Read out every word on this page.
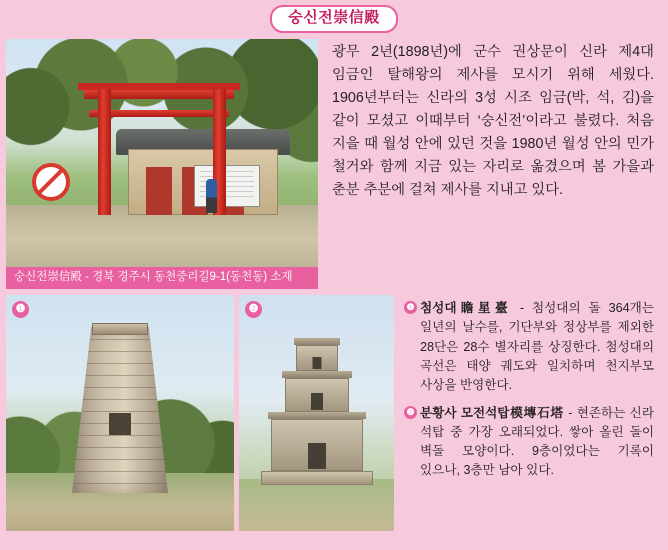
숭신전崇信殿
숭신전崇信殿 - 경북 경주시 동천중리길9-1(동천동) 소재
광무 2년(1898년)에 군수 권상문이 신라 제4대 임금인 탈해왕의 제사를 모시기 위해 세웠다. 1906년부터는 신라의 3성 시조 임금(박, 석, 김)을 같이 모셨고 이때부터 ‘숭신전’이라고 불렸다. 처음 지을 때 월성 안에 있던 것을 1980년 월성 안의 민가 철거와 함께 지금 있는 자리로 옮겼으며 봄 가을과 춘분 추분에 걸쳐 제사를 지내고 있다.
❶	❷	❶ 첨성대瞻星臺 - 첨성대의 돌 364개는 일년의 날수를, 기단부와 정상부를 제외한 28단은 28수 별자리를 상징한다. 첨성대의 곡선은 태양 궤도와 일치하며 천지부모 사상을 반영한다.
❷ 분황사 모전석탑模塼石塔 - 현존하는 신라 석탑 중 가장 오래되었다. 쌓아 올린 돌이 벽돌 모양이다. 9층이었다는 기록이 있으나, 3층만 남아 있다.
